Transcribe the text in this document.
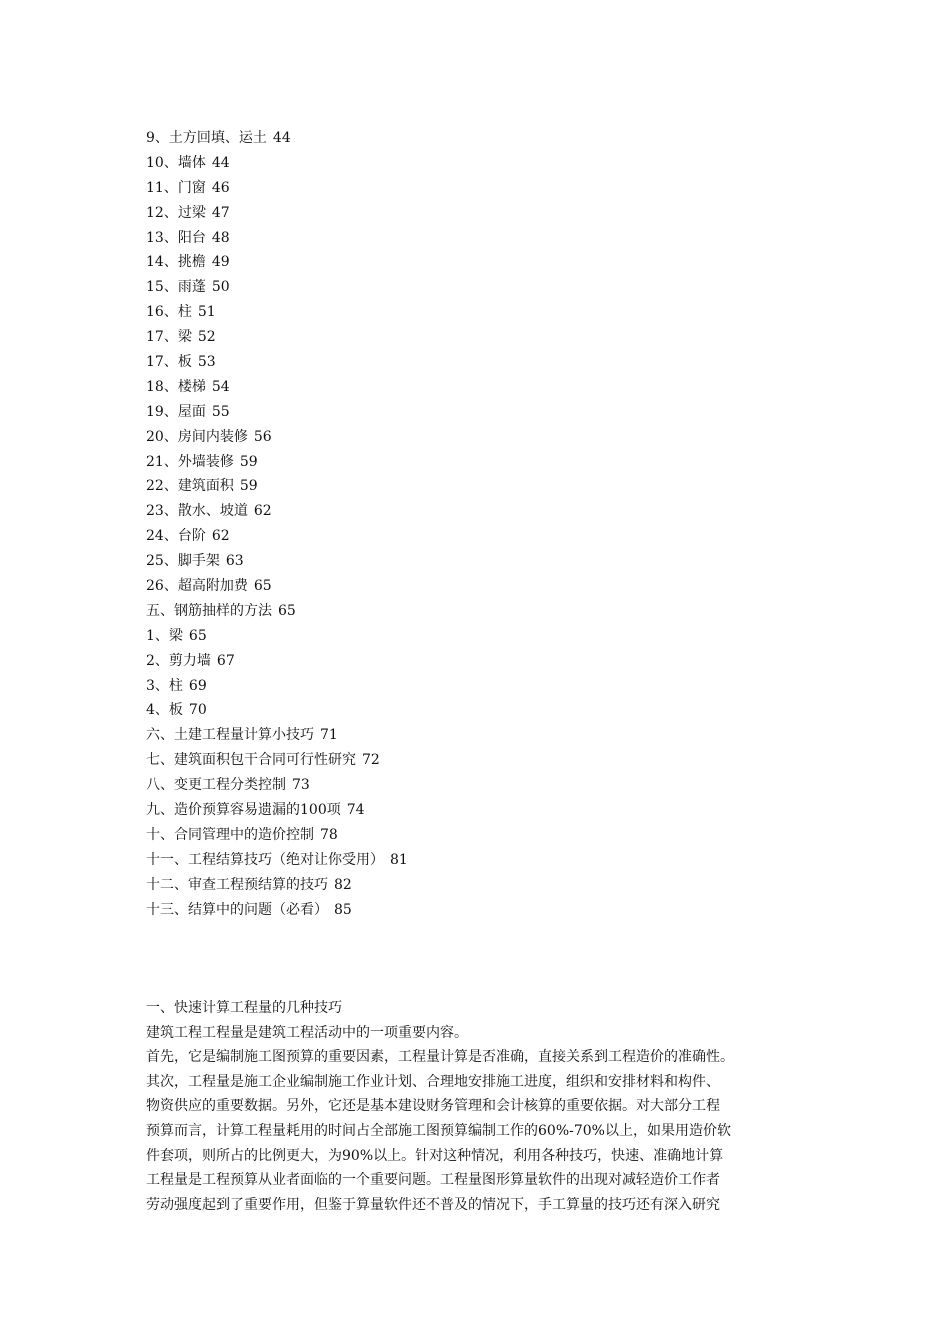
9、土方回填、运土 44
10、墙体 44
11、门窗 46
12、过梁 47
13、阳台 48
14、挑檐 49
15、雨蓬 50
16、柱 51
17、梁 52
17、板 53
18、楼梯 54
19、屋面 55
20、房间内装修 56
21、外墙装修 59
22、建筑面积 59
23、散水、坡道 62
24、台阶 62
25、脚手架 63
26、超高附加费 65
五、钢筋抽样的方法 65
1、梁 65
2、剪力墙 67
3、柱 69
4、板 70
六、土建工程量计算小技巧 71
七、建筑面积包干合同可行性研究 72
八、变更工程分类控制 73
九、造价预算容易遗漏的100项 74
十、合同管理中的造价控制 78
十一、工程结算技巧（绝对让你受用） 81
十二、审查工程预结算的技巧 82
十三、结算中的问题（必看） 85
一、快速计算工程量的几种技巧
建筑工程工程量是建筑工程活动中的一项重要内容。
首先，它是编制施工图预算的重要因素，工程量计算是否准确，直接关系到工程造价的准确性。
其次，工程量是施工企业编制施工作业计划、合理地安排施工进度，组织和安排材料和构件、
物资供应的重要数据。另外，它还是基本建设财务管理和会计核算的重要依据。对大部分工程
预算而言，计算工程量耗用的时间占全部施工图预算编制工作的60%-70%以上，如果用造价软
件套项，则所占的比例更大，为90%以上。针对这种情况，利用各种技巧，快速、准确地计算
工程量是工程预算从业者面临的一个重要问题。工程量图形算量软件的出现对减轻造价工作者
劳动强度起到了重要作用，但鉴于算量软件还不普及的情况下，手工算量的技巧还有深入研究
